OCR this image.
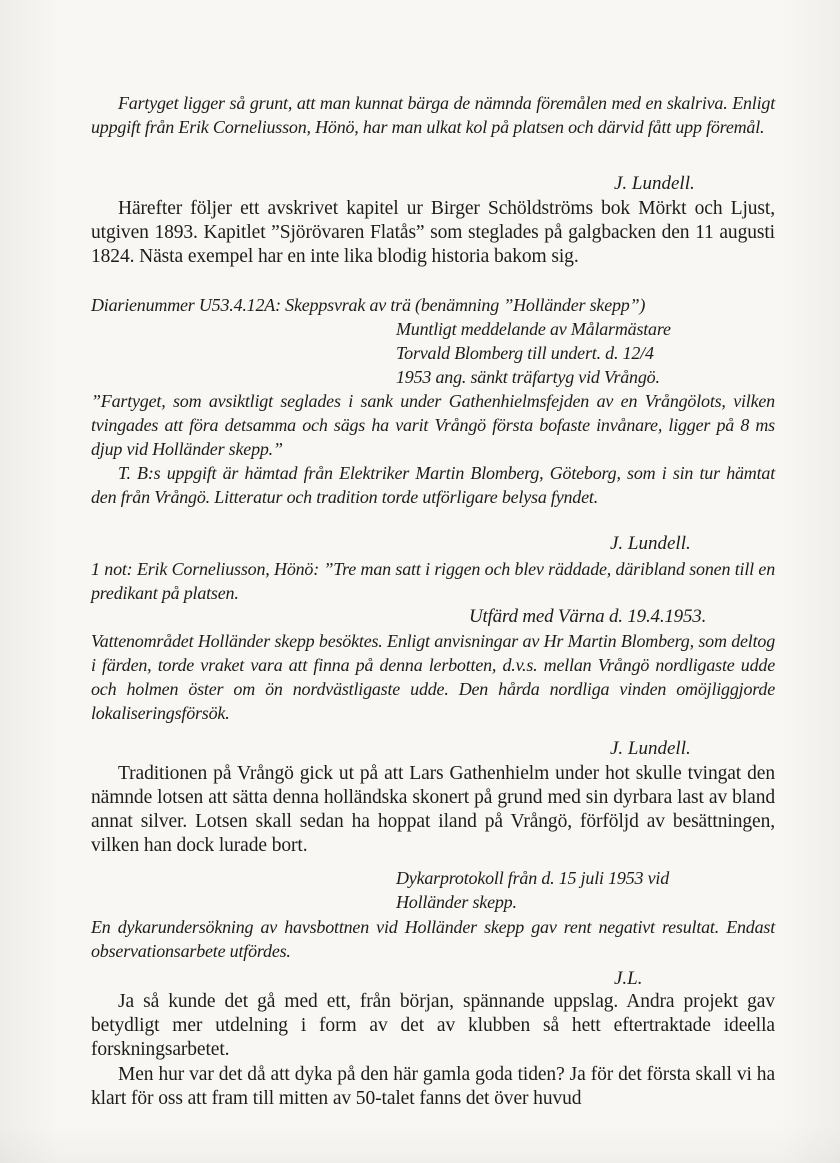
Fartyget ligger så grunt, att man kunnat bärga de nämnda föremålen med en skalriva. Enligt uppgift från Erik Corneliusson, Hönö, har man ulkat kol på platsen och därvid fått upp föremål.

J. Lundell.

Härefter följer ett avskrivet kapitel ur Birger Schöldströms bok Mörkt och Ljust, utgiven 1893. Kapitlet ”Sjörövaren Flatås” som steglades på galgbacken den 11 augusti 1824. Nästa exempel har en inte lika blodig historia bakom sig.

Diarienummer U53.4.12A: Skeppsvrak av trä (benämning ”Holländer skepp”)

Muntligt meddelande av Målarmästare
Torvald Blomberg till undert. d. 12/4
1953 ang. sänkt träfartyg vid Vrångö.

”Fartyget, som avsiktligt seglades i sank under Gathenhielmsfejden av en Vrångölots, vilken tvingades att föra detsamma och sägs ha varit Vrångö första bofaste invånare, ligger på 8 ms djup vid Holländer skepp.”

T. B:s uppgift är hämtad från Elektriker Martin Blomberg, Göteborg, som i sin tur hämtat den från Vrångö. Litteratur och tradition torde utförligare belysa fyndet.

J. Lundell.

1 not: Erik Corneliusson, Hönö: ”Tre man satt i riggen och blev räddade, däribland sonen till en predikant på platsen.

Utfärd med Värna d. 19.4.1953.

Vattenområdet Holländer skepp besöktes. Enligt anvisningar av Hr Martin Blomberg, som deltog i färden, torde vraket vara att finna på denna lerbotten, d.v.s. mellan Vrångö nordligaste udde och holmen öster om ön nordvästligaste udde. Den hårda nordliga vinden omöjliggjorde lokaliseringsförsök.

J. Lundell.

Traditionen på Vrångö gick ut på att Lars Gathenhielm under hot skulle tvingat den nämnde lotsen att sätta denna holländska skonert på grund med sin dyrbara last av bland annat silver. Lotsen skall sedan ha hoppat iland på Vrångö, förföljd av besättningen, vilken han dock lurade bort.

Dykarprotokoll från d. 15 juli 1953 vid
Holländer skepp.

En dykarundersökning av havsbottnen vid Holländer skepp gav rent negativt resultat. Endast observationsarbete utfördes.

J.L.

Ja så kunde det gå med ett, från början, spännande uppslag. Andra projekt gav betydligt mer utdelning i form av det av klubben så hett eftertraktade ideella forskningsarbetet.

Men hur var det då att dyka på den här gamla goda tiden? Ja för det första skall vi ha klart för oss att fram till mitten av 50-talet fanns det över huvud
